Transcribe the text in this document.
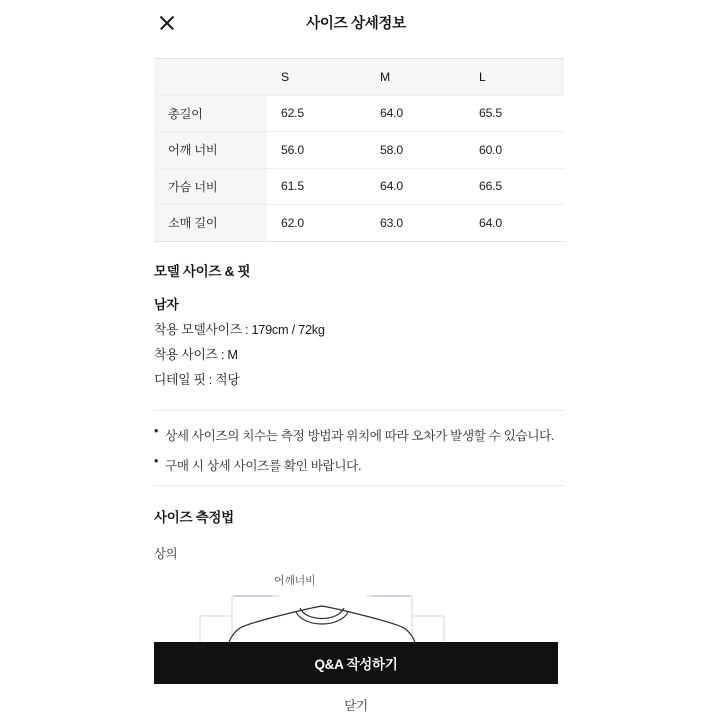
사이즈 상세정보
	S	M	L
총길이	62.5	64.0	65.5
어깨 너비	56.0	58.0	60.0
가슴 너비	61.5	64.0	66.5
소매 길이	62.0	63.0	64.0
모델 사이즈 & 핏
남자
착용 모델사이즈 : 179cm / 72kg
착용 사이즈 : M
디테일 핏 : 적당
• 상세 사이즈의 치수는 측정 방법과 위치에 따라 오차가 발생할 수 있습니다.
• 구매 시 상세 사이즈를 확인 바랍니다.
사이즈 측정법
상의
어깨너비
Q&A 작성하기
닫기
